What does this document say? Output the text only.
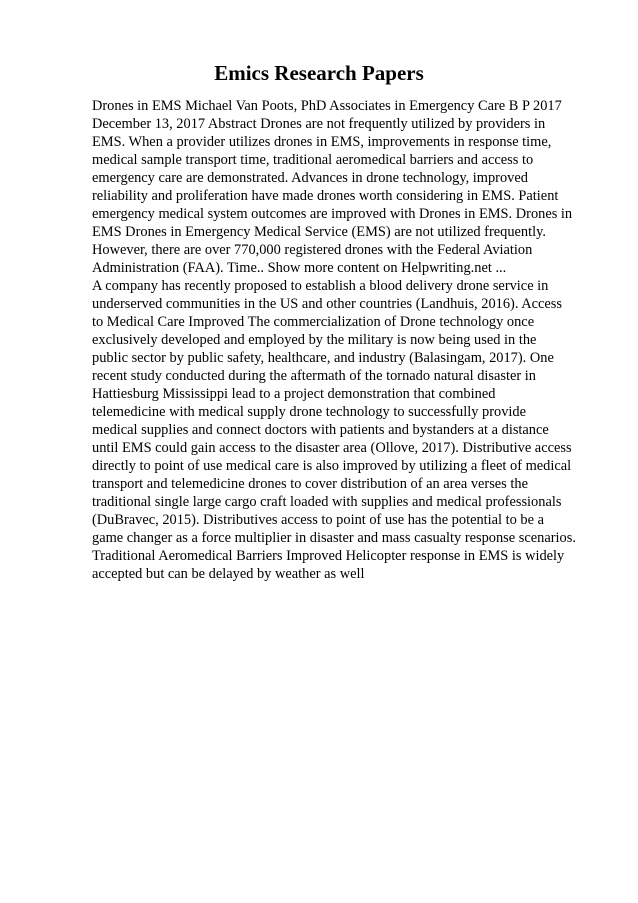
Emics Research Papers
Drones in EMS Michael Van Poots, PhD Associates in Emergency Care B P 2017
December 13, 2017 Abstract Drones are not frequently utilized by providers in
EMS. When a provider utilizes drones in EMS, improvements in response time,
medical sample transport time, traditional aeromedical barriers and access to
emergency care are demonstrated. Advances in drone technology, improved
reliability and proliferation have made drones worth considering in EMS. Patient
emergency medical system outcomes are improved with Drones in EMS. Drones in
EMS Drones in Emergency Medical Service (EMS) are not utilized frequently.
However, there are over 770,000 registered drones with the Federal Aviation
Administration (FAA). Time.. Show more content on Helpwriting.net ...
A company has recently proposed to establish a blood delivery drone service in
underserved communities in the US and other countries (Landhuis, 2016). Access
to Medical Care Improved The commercialization of Drone technology once
exclusively developed and employed by the military is now being used in the
public sector by public safety, healthcare, and industry (Balasingam, 2017). One
recent study conducted during the aftermath of the tornado natural disaster in
Hattiesburg Mississippi lead to a project demonstration that combined
telemedicine with medical supply drone technology to successfully provide
medical supplies and connect doctors with patients and bystanders at a distance
until EMS could gain access to the disaster area (Ollove, 2017). Distributive access
directly to point of use medical care is also improved by utilizing a fleet of medical
transport and telemedicine drones to cover distribution of an area verses the
traditional single large cargo craft loaded with supplies and medical professionals
(DuBravec, 2015). Distributives access to point of use has the potential to be a
game changer as a force multiplier in disaster and mass casualty response scenarios.
Traditional Aeromedical Barriers Improved Helicopter response in EMS is widely
accepted but can be delayed by weather as well
